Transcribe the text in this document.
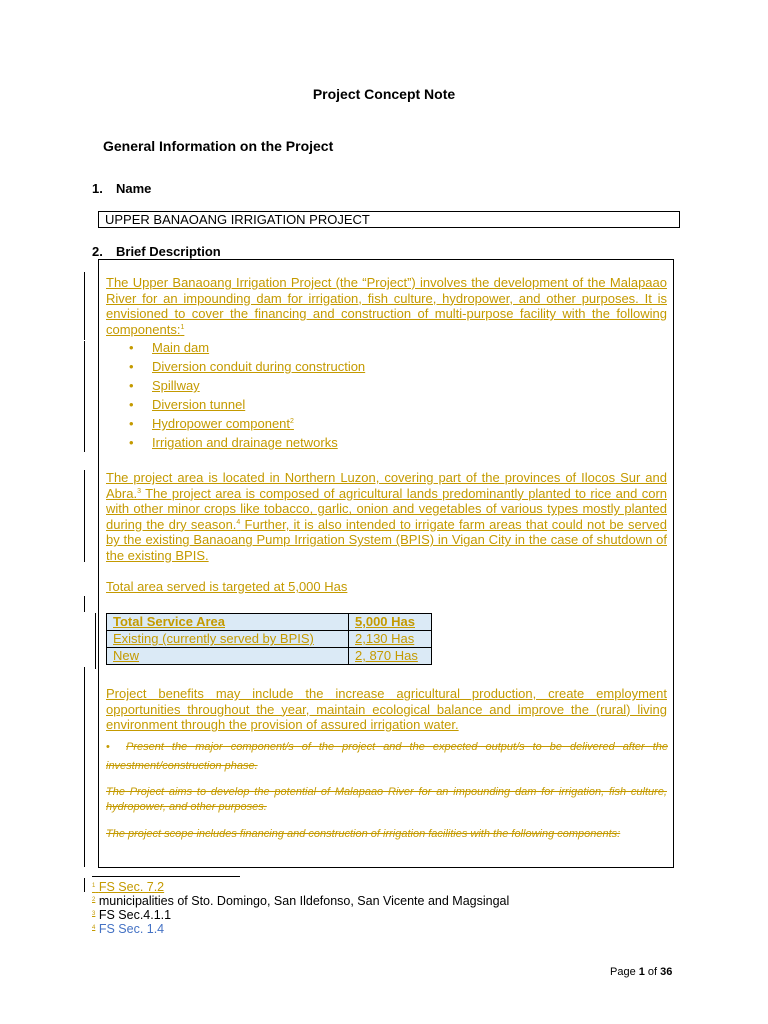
Project Concept Note
General Information on the Project
1. Name
UPPER BANAOANG IRRIGATION PROJECT
2. Brief Description
The Upper Banaoang Irrigation Project (the “Project”) involves the development of the Malapaao River for an impounding dam for irrigation, fish culture, hydropower, and other purposes. It is envisioned to cover the financing and construction of multi-purpose facility with the following components:$^1$
• Main dam
• Diversion conduit during construction
• Spillway
• Diversion tunnel
• Hydropower component$^2$
• Irrigation and drainage networks
The project area is located in Northern Luzon, covering part of the provinces of Ilocos Sur and Abra.$^3$ The project area is composed of agricultural lands predominantly planted to rice and corn with other minor crops like tobacco, garlic, onion and vegetables of various types mostly planted during the dry season.$^4$ Further, it is also intended to irrigate farm areas that could not be served by the existing Banaoang Pump Irrigation System (BPIS) in Vigan City in the case of shutdown of the existing BPIS.
Total area served is targeted at 5,000 Has
Total Service Area	5,000 Has
Existing (currently served by BPIS)	2,130 Has
New	2, 870 Has
Project benefits may include the increase agricultural production, create employment opportunities throughout the year, maintain ecological balance and improve the (rural) living environment through the provision of assured irrigation water.
• Present the major component/s of the project and the expected output/s to be delivered after the investment/construction phase.
The Project aims to develop the potential of Malapaao River for an impounding dam for irrigation, fish culture, hydropower, and other purposes.
The project scope includes financing and construction of irrigation facilities with the following components:
$^1$ FS Sec. 7.2
$^2$ municipalities of Sto. Domingo, San Ildefonso, San Vicente and Magsingal
$^3$ FS Sec.4.1.1
$^4$ FS Sec. 1.4
Page 1 of 36
